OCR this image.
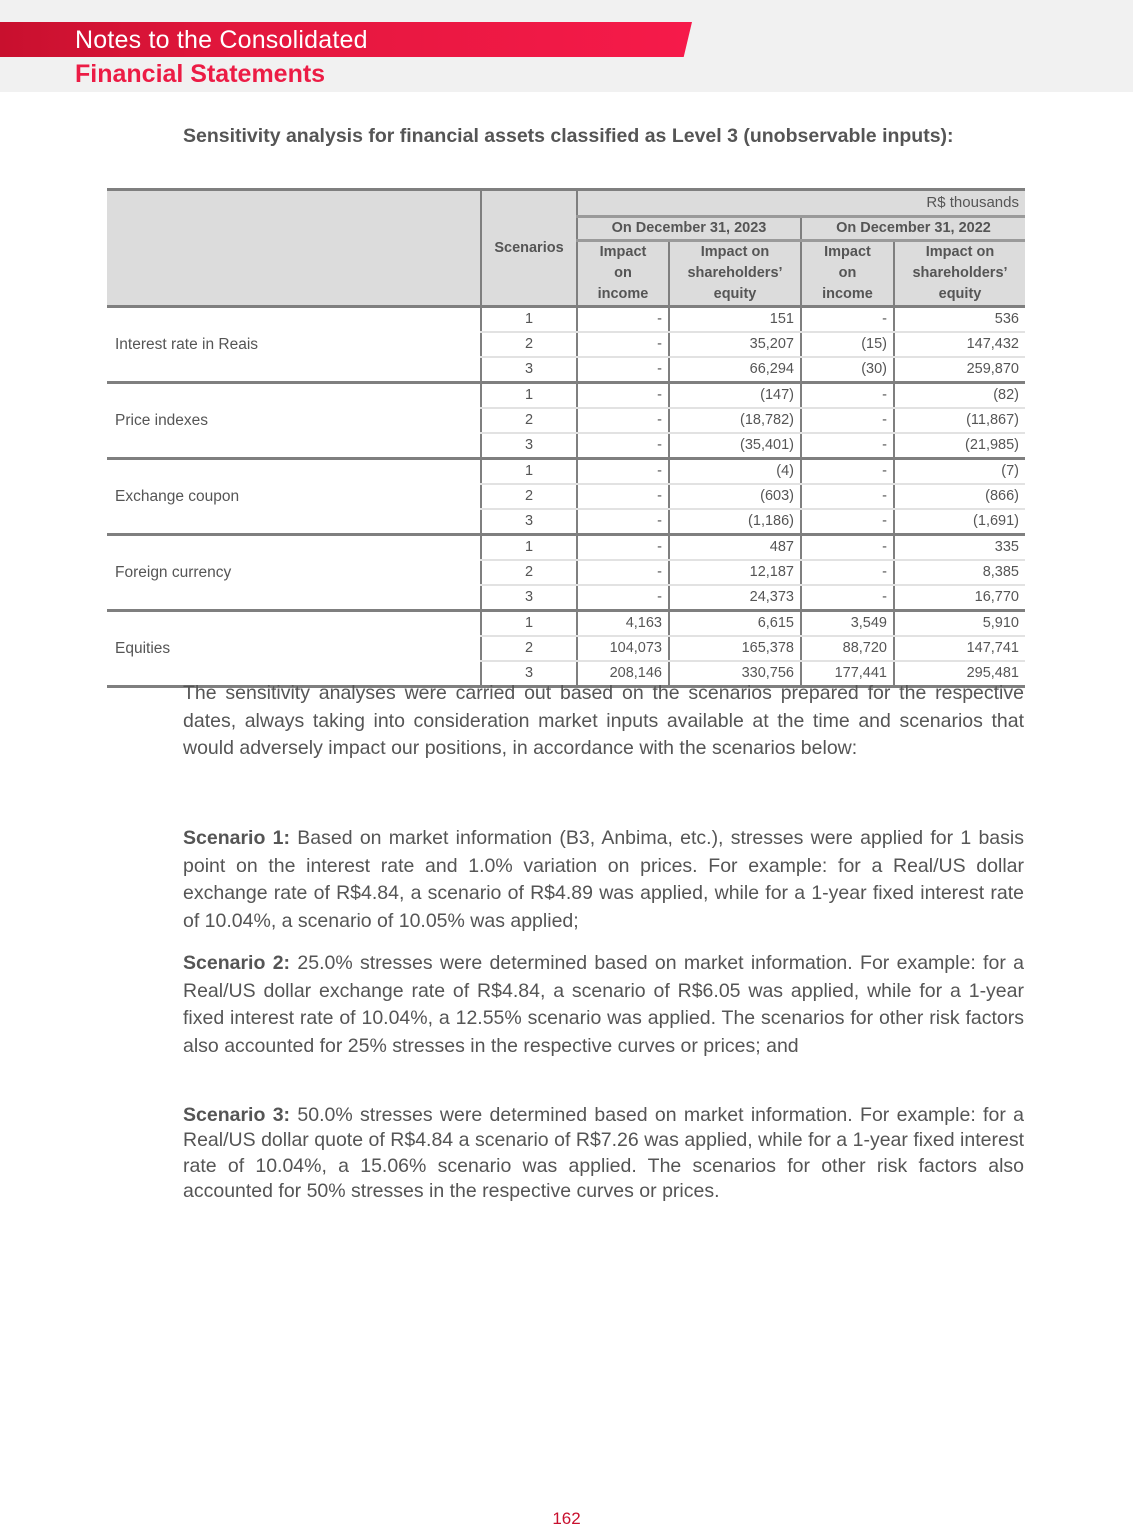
Notes to the Consolidated
Financial Statements
Sensitivity analysis for financial assets classified as Level 3 (unobservable inputs):
	Scenarios	R$ thousands			
		On December 31, 2023		On December 31, 2022	
		Impact
on
income	Impact on
shareholders’
equity	Impact
on
income	Impact on
shareholders’
equity
Interest rate in Reais	1	-	151	-	536
	2	-	35,207	(15)	147,432
	3	-	66,294	(30)	259,870
Price indexes	1	-	(147)	-	(82)
	2	-	(18,782)	-	(11,867)
	3	-	(35,401)	-	(21,985)
Exchange coupon	1	-	(4)	-	(7)
	2	-	(603)	-	(866)
	3	-	(1,186)	-	(1,691)
Foreign currency	1	-	487	-	335
	2	-	12,187	-	8,385
	3	-	24,373	-	16,770
Equities	1	4,163	6,615	3,549	5,910
	2	104,073	165,378	88,720	147,741
	3	208,146	330,756	177,441	295,481
The sensitivity analyses were carried out based on the scenarios prepared for the respective dates, always taking into consideration market inputs available at the time and scenarios that would adversely impact our positions, in accordance with the scenarios below:
Scenario 1: Based on market information (B3, Anbima, etc.), stresses were applied for 1 basis point on the interest rate and 1.0% variation on prices. For example: for a Real/US dollar exchange rate of R$4.84, a scenario of R$4.89 was applied, while for a 1-year fixed interest rate of 10.04%, a scenario of 10.05% was applied;
Scenario 2: 25.0% stresses were determined based on market information. For example: for a Real/US dollar exchange rate of R$4.84, a scenario of R$6.05 was applied, while for a 1-year fixed interest rate of 10.04%, a 12.55% scenario was applied. The scenarios for other risk factors also accounted for 25% stresses in the respective curves or prices; and
Scenario 3: 50.0% stresses were determined based on market information. For example: for a Real/US dollar quote of R$4.84 a scenario of R$7.26 was applied, while for a 1-year fixed interest rate of 10.04%, a 15.06% scenario was applied. The scenarios for other risk factors also accounted for 50% stresses in the respective curves or prices.
162
